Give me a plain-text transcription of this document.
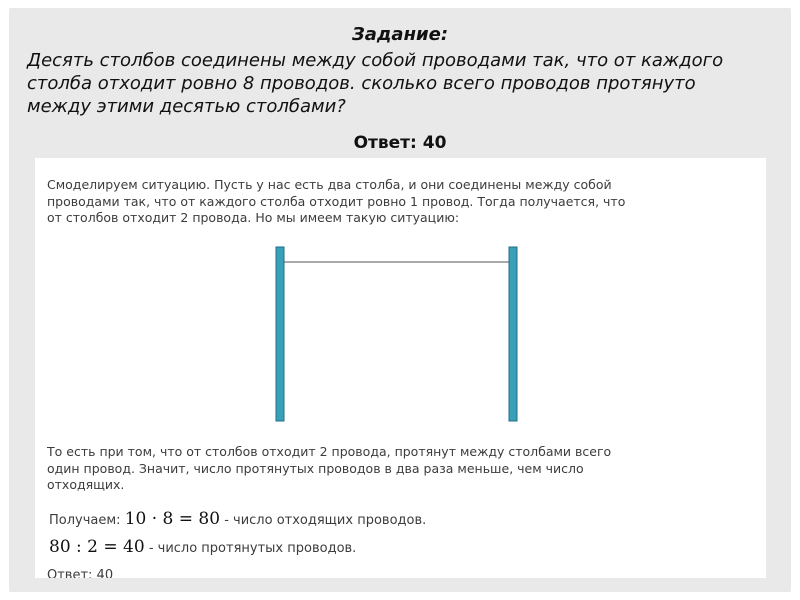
Задание:
Десять столбов соединены между собой проводами так, что от каждого
столба отходит ровно 8 проводов. сколько всего проводов протянуто
между этими десятью столбами?
Ответ: 40
Смоделируем ситуацию. Пусть у нас есть два столба, и они соединены между собой
проводами так, что от каждого столба отходит ровно 1 провод. Тогда получается, что
от столбов отходит 2 провода. Но мы имеем такую ситуацию:
То есть при том, что от столбов отходит 2 провода, протянут между столбами всего
один провод. Значит, число протянутых проводов в два раза меньше, чем число
отходящих.
Получаем: 10 · 8 = 80 - число отходящих проводов.
80 : 2 = 40 - число протянутых проводов.
Ответ: 40
